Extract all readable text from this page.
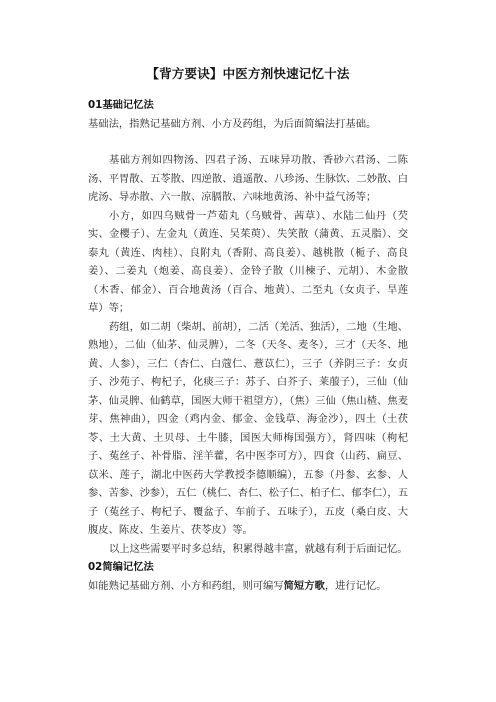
【背方要诀】中医方剂快速记忆十法

01基础记忆法

基础法，指熟记基础方剂、小方及药组，为后面简编法打基础。

基础方剂如四物汤、四君子汤、五味异功散、香砂六君汤、二陈汤、平胃散、五苓散、四逆散、逍遥散、八珍汤、生脉饮、二妙散、白虎汤、导赤散、六一散、凉膈散、六味地黄汤、补中益气汤等；

小方，如四乌贼骨一芦茹丸（乌贼骨、茜草）、水陆二仙丹（芡实、金樱子）、左金丸（黄连、吴茱萸）、失笑散（蒲黄、五灵脂）、交泰丸（黄连、肉桂）、良附丸（香附、高良姜）、越桃散（栀子、高良姜）、二姜丸（炮姜、高良姜）、金铃子散（川楝子、元胡）、木金散（木香、郁金）、百合地黄汤（百合、地黄）、二至丸（女贞子、旱莲草）等；

药组，如二胡（柴胡、前胡），二活（羌活、独活），二地（生地、熟地），二仙（仙茅、仙灵脾），二冬（天冬、麦冬），三才（天冬、地黄、人参），三仁（杏仁、白蔻仁、薏苡仁），三子（养阴三子：女贞子、沙苑子、枸杞子，化痰三子：苏子、白芥子、莱菔子），三仙（仙茅、仙灵脾、仙鹤草，国医大师干祖望方），（焦）三仙（焦山楂、焦麦芽、焦神曲），四金（鸡内金、郁金、金钱草、海金沙），四土（土茯苓、土大黄、土贝母、土牛膝，国医大师梅国强方），肾四味（枸杞子、菟丝子、补骨脂、淫羊藿，名中医李可方），四食（山药、扁豆、苡米、莲子，湖北中医药大学教授李德顺编），五参（丹参、玄参、人参、苦参、沙参），五仁（桃仁、杏仁、松子仁、柏子仁、郁李仁），五子（菟丝子、枸杞子、覆盆子、车前子、五味子），五皮（桑白皮、大腹皮、陈皮、生姜片、茯苓皮）等。

以上这些需要平时多总结，积累得越丰富，就越有利于后面记忆。

02简编记忆法

如能熟记基础方剂、小方和药组，则可编写简短方歌，进行记忆。
